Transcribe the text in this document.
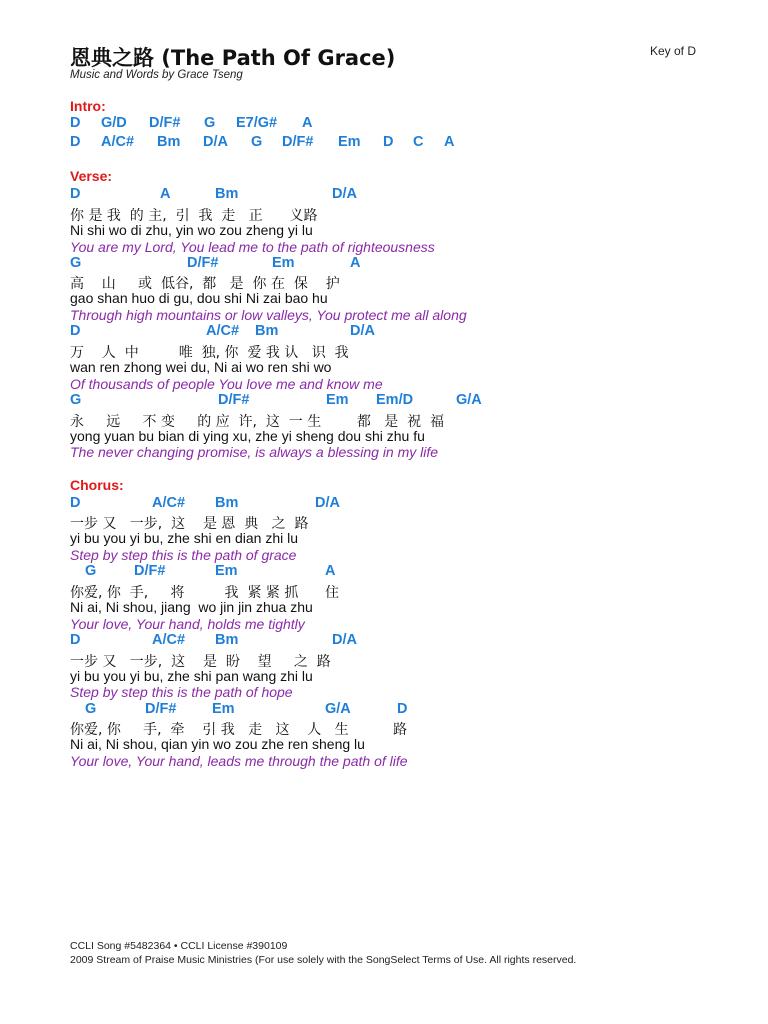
恩典之路 (The Path Of Grace)
Music and Words by Grace Tseng
Key of D
Intro:
D G/D D/F# G E7/G# A
D A/C# Bm D/A G D/F# Em D C A
Verse:
D	A	Bm	D/A
你 是 我  的 主,  引  我  走   正      义路
Ni shi wo di zhu, yin wo zou zheng yi lu
You are my Lord, You lead me to the path of righteousness
G	D/F#	Em	A
高    山     或  低谷,  都   是  你 在  保    护
gao shan huo di gu, dou shi Ni zai bao hu
Through high mountains or low valleys, You protect me all along
D	A/C# Bm	D/A
万    人  中         唯  独, 你  爱 我 认   识  我
wan ren zhong wei du, Ni ai wo ren shi wo
Of thousands of people You love me and know me
G	D/F#	Em Em/D	G/A
永     远     不 变     的 应  许,  这  一 生        都   是  祝  福
yong yuan bu bian di ying xu, zhe yi sheng dou shi zhu fu
The never changing promise, is always a blessing in my life
Chorus:
D	A/C# Bm	D/A
一步 又   一步,  这    是 恩  典   之  路
yi bu you yi bu, zhe shi en dian zhi lu
Step by step this is the path of grace
G	D/F#	Em	A
你爱, 你  手,     将         我  紧 紧 抓      住
Ni ai, Ni shou, jiang  wo jin jin zhua zhu
Your love, Your hand, holds me tightly
D	A/C# Bm	D/A
一步 又   一步,  这    是  盼    望     之  路
yi bu you yi bu, zhe shi pan wang zhi lu
Step by step this is the path of hope
G	D/F# Em	G/A	D
你爱, 你     手,  牵    引 我   走   这    人   生          路
Ni ai, Ni shou, qian yin wo zou zhe ren sheng lu
Your love, Your hand, leads me through the path of life
CCLI Song #5482364 • CCLI License #390109
2009 Stream of Praise Music Ministries (For use solely with the SongSelect Terms of Use. All rights reserved.
